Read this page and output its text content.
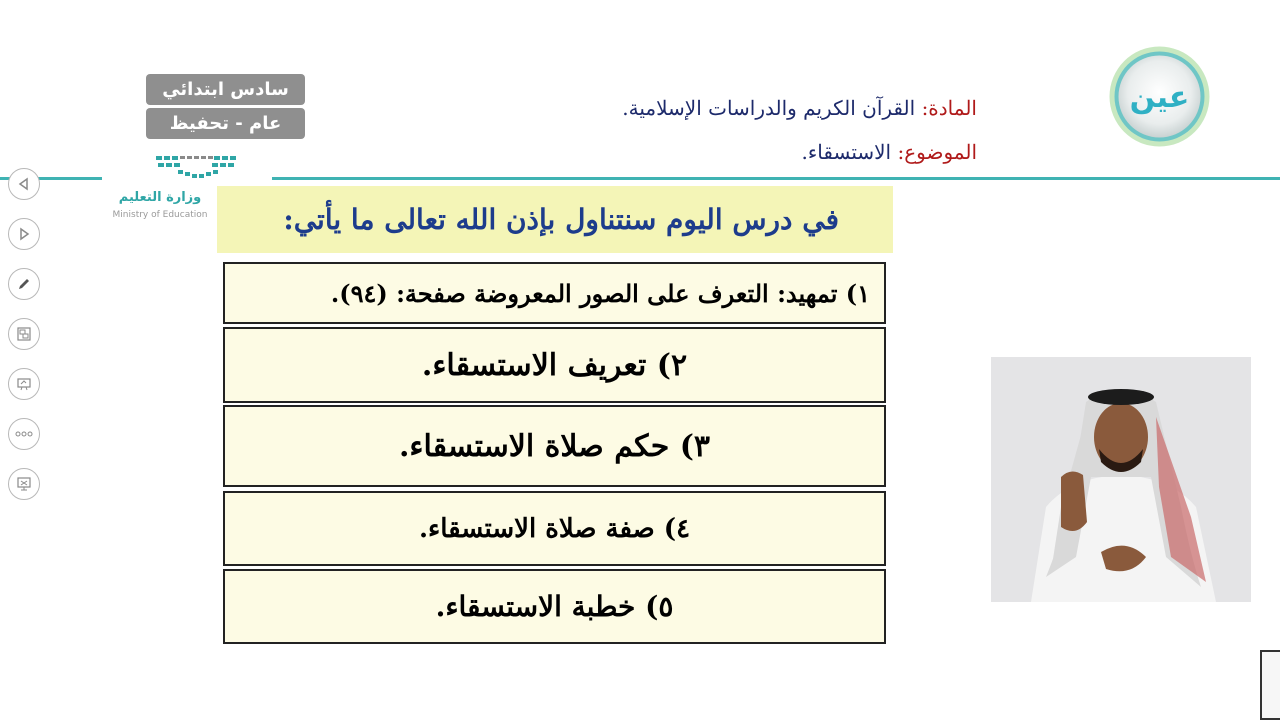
سادس ابتدائي
عام - تحفيظ
وزارة التعليم
Ministry of Education
المادة: القرآن الكريم والدراسات الإسلامية.
الموضوع: الاستسقاء.
عين
في درس اليوم سنتناول بإذن الله تعالى ما يأتي:
١) تمهيد: التعرف على الصور المعروضة صفحة: (٩٤).
٢) تعريف الاستسقاء.
٣) حكم صلاة الاستسقاء.
٤) صفة صلاة الاستسقاء.
٥) خطبة الاستسقاء.
